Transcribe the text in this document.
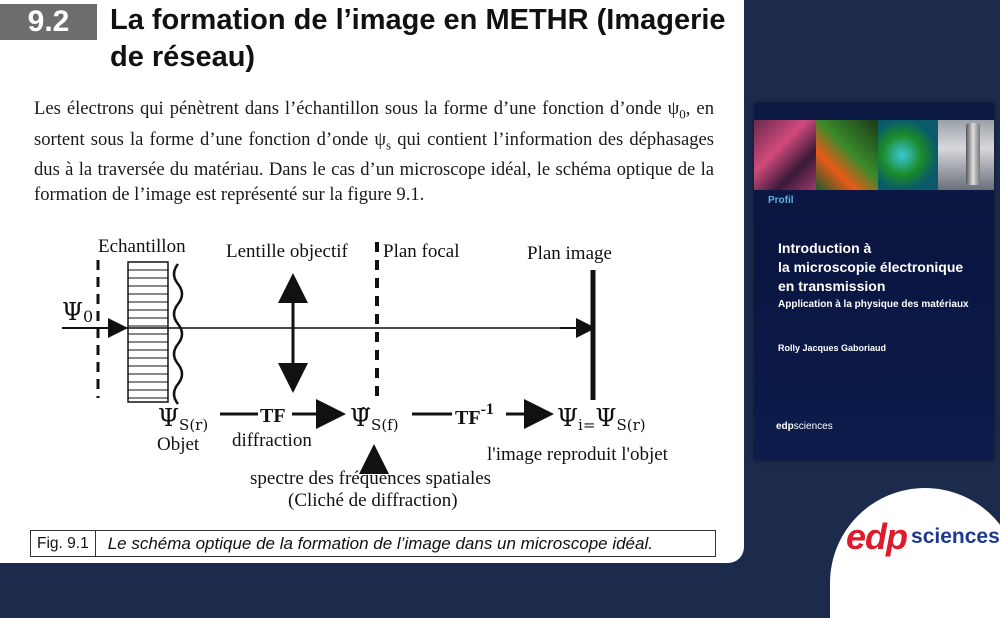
9.2	La formation de l’image en METHR (Imagerie de réseau)

Les électrons qui pénètrent dans l’échantillon sous la forme d’une fonction d’onde $\psi_0$, en sortent sous la forme d’une fonction d’onde $\psi_s$ qui contient l’information des déphasages dus à la traversée du matériau. Dans le cas d’un microscope idéal, le schéma optique de la formation de l’image est représenté sur la figure 9.1.

Echantillon Lentille objectif Plan focal	Plan image
Ψ0
ΨS(r)
Objet
TF
diffraction
Ψ̃S(f)	$TF^{-1}$	Ψi=ΨS(r)
l'image reproduit l'objet
spectre des fréquences spatiales
(Cliché de diffraction)
Fig. 9.1	Le schéma optique de la formation de l’image dans un microscope idéal.
Profil
Introduction à
la microscopie électronique
en transmission
Application à la physique des matériaux
Rolly Jacques Gaboriaud
edpsciences
edp sciences
